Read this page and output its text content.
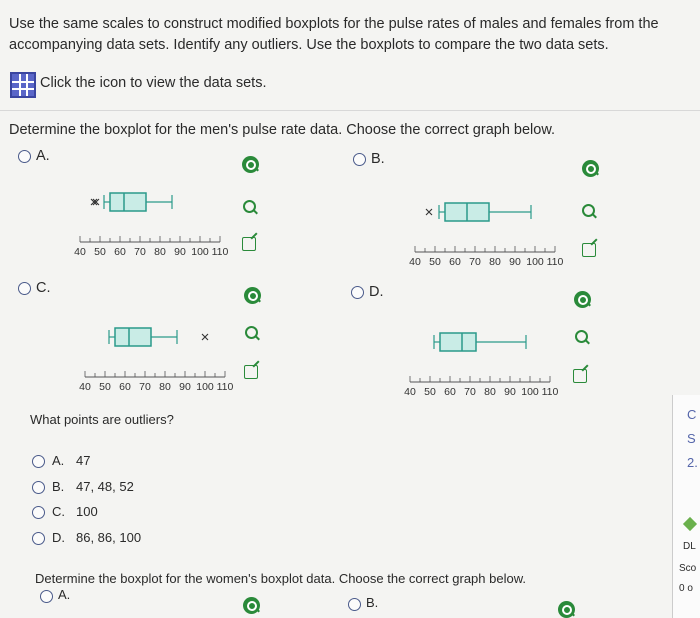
Use the same scales to construct modified boxplots for the pulse rates of males and females from the accompanying data sets. Identify any outliers. Use the boxplots to compare the two data sets.
Click the icon to view the data sets.
Determine the boxplot for the men's pulse rate data. Choose the correct graph below.
A.
40 50 60 70 80 90 100 110
B.
40 50 60 70 80 90 100 110
C.
40 50 60 70 80 90 100 110
D.
40 50 60 70 80 90 100 110
What points are outliers?
A. 47
B. 47, 48, 52
C. 100
D. 86, 86, 100
Determine the boxplot for the women's boxplot data. Choose the correct graph below.
A.
B.
C
S
2.
DL
Sco
0 o
